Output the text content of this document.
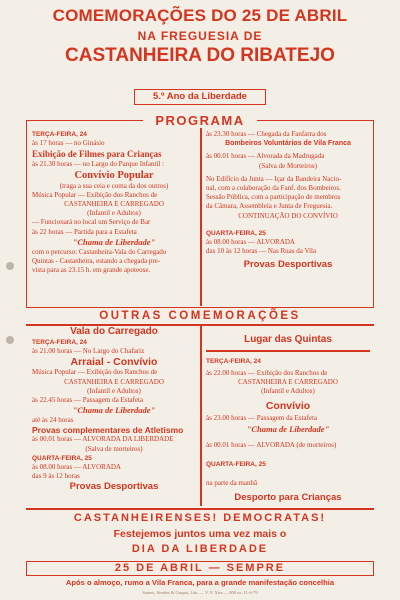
COMEMORAÇÕES DO 25 DE ABRIL
NA FREGUESIA DE
CASTANHEIRA DO RIBATEJO
5.º Ano da Liberdade
PROGRAMA
TERÇA-FEIRA, 24
às 17 horas — no Ginásio
Exibição de Filmes para Crianças
às 21.30 horas — no Largo do Parque Infantil :
Convívio Popular
(traga a sua ceia e coma da dos outros)
Música Popular — Exibição dos Ranchos de
CASTANHEIRA E CARREGADO
(Infantil e Adultos)
— Funcionará no local um Serviço de Bar
às 22 horas — Partida para a Estafeta
"Chama de Liberdade"
com o percurso: Castanheira-Vala do Carregado
Quintas - Castanheira, estando a chegada pre-
vista para as 23.15 h. em grande apoteose.
às 23.30 horas — Chegada da Fanfarra dos
Bombeiros Voluntários de Vila Franca
às 00.01 horas — Alvorada da Madrugada
(Salva de Morteiros)
No Edifício da Junta — Içar da Bandeira Nacio-
nal, com a colaboração da Fanf. dos Bombeiros.
Sessão Pública, com a participação de membros
da Câmara, Assembleia e Junta de Freguesia.
CONTINUAÇÃO DO CONVÍVIO
QUARTA-FEIRA, 25
às 08.00 horas — ALVORADA
das 10 às 12 horas — Nas Ruas da Vila
Provas Desportivas
OUTRAS COMEMORAÇÕES
Vala do Carregado
TERÇA-FEIRA, 24
às 21.00 horas — No Largo do Chafariz
Arraial - Convívio
Música Popular — Exibição dos Ranchos de
CASTANHEIRA E CARREGADO
(Infantil e Adultos)
às 22.45 horas — Passagem da Estafeta
"Chama de Liberdade"
até às 24 horas
Provas complementares de Atletismo
às 00.01 horas — ALVORADA DA LIBERDADE
(Salva de morteiros)
QUARTA-FEIRA, 25
às 08.00 horas — ALVORADA
das 9 às 12 horas
Provas Desportivas
Lugar das Quintas
TERÇA-FEIRA, 24
às 22.00 horas — Exibição dos Ranchos de
CASTANHEIRA E CARREGADO
(Infantil e Adultos)
Convívio
às 23.00 horas — Passagem da Estafeta
"Chama de Liberdade"
às 00.01 horas — ALVORADA (de morteiros)
QUARTA-FEIRA, 25
na parte da manhã
Desporto para Crianças
CASTANHEIRENSES! DEMOCRATAS!
Festejemos juntos uma vez mais o
DIA DA LIBERDADE
25 DE ABRIL — SEMPRE
Após o almoço, rumo a Vila Franca, para a grande manifestação concelhia
Soares, Simões & Gaspar, Lda. — V. F. Xira — 800 ex. 11-4-79
